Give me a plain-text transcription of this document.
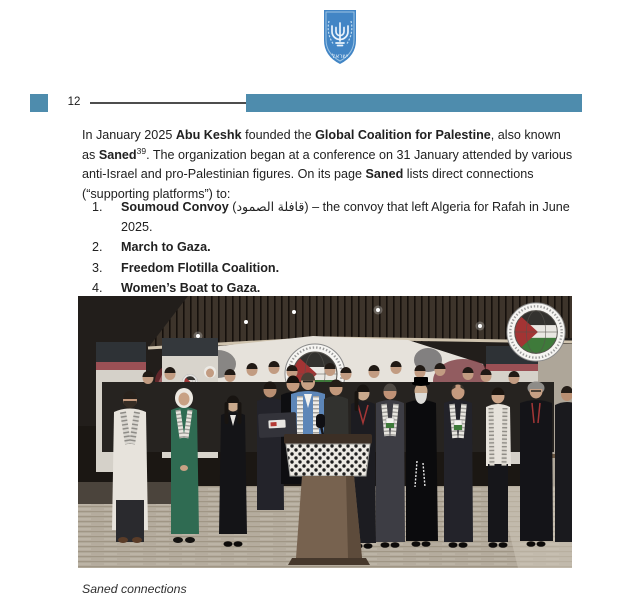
ישראל
12
In January 2025 Abu Keshk founded the Global Coalition for Palestine, also known as Saned$^{39}$. The organization began at a conference on 31 January attended by various anti-Israel and pro-Palestinian figures. On its page Saned lists direct connections (“supporting platforms”) to:
1.	Soumoud Convoy (قافلة الصمود) – the convoy that left Algeria for Rafah in June 2025.
2.	March to Gaza.
3.	Freedom Flotilla Coalition.
4.	Women’s Boat to Gaza.
Saned connections
